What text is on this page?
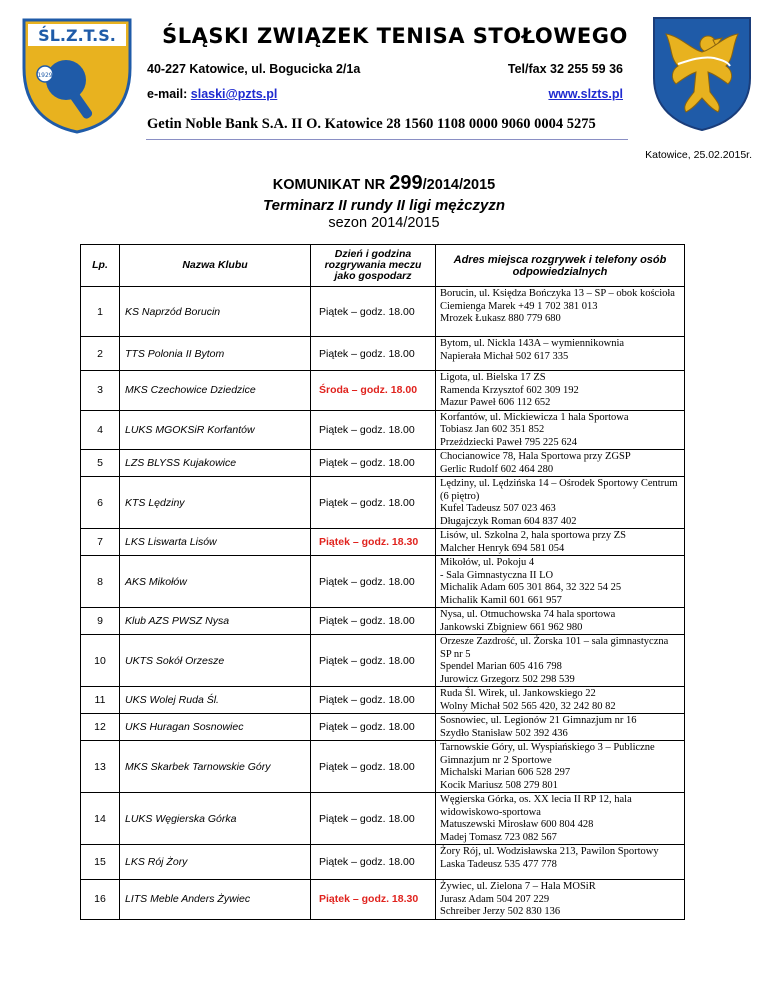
ŚL.Z.T.S.
1929
ŚLĄSKI ZWIĄZEK TENISA STOŁOWEGO
40-227 Katowice, ul. Bogucicka 2/1a	Tel/fax 32 255 59 36
e-mail: slaski@pzts.pl	www.slzts.pl
Getin Noble Bank S.A. II O. Katowice 28 1560 1108 0000 9060 0004 5275
Katowice, 25.02.2015r.
KOMUNIKAT NR 299/2014/2015
Terminarz II rundy II ligi mężczyzn
sezon 2014/2015
Lp.	Nazwa Klubu	Dzień i godzina rozgrywania meczu jako gospodarz	Adres miejsca rozgrywek i telefony osób odpowiedzialnych
1	KS Naprzód Borucin	Piątek – godz. 18.00	Borucin, ul. Księdza Bończyka 13 – SP – obok kościoła
Ciemienga Marek +49 1 702 381 013
Mrozek Łukasz 880 779 680
2	TTS Polonia II Bytom	Piątek – godz. 18.00	Bytom, ul. Nickla 143A – wymiennikownia
Napierała Michał 502 617 335
3	MKS Czechowice Dziedzice	Środa – godz. 18.00	Ligota, ul. Bielska 17 ZS
Ramenda Krzysztof 602 309 192
Mazur Paweł 606 112 652
4	LUKS MGOKSiR Korfantów	Piątek – godz. 18.00	Korfantów, ul. Mickiewicza 1 hala Sportowa
Tobiasz Jan 602 351 852
Przeździecki Paweł 795 225 624
5	LZS BLYSS Kujakowice	Piątek – godz. 18.00	Chocianowice 78, Hala Sportowa przy ZGSP
Gerlic Rudolf 602 464 280
6	KTS Lędziny	Piątek – godz. 18.00	Lędziny, ul. Lędzińska 14 – Ośrodek Sportowy Centrum (6 piętro)
Kufel Tadeusz 507 023 463
Długajczyk Roman 604 837 402
7	LKS Liswarta Lisów	Piątek – godz. 18.30	Lisów, ul. Szkolna 2, hala sportowa przy ZS
Malcher Henryk 694 581 054
8	AKS Mikołów	Piątek – godz. 18.00	Mikołów, ul. Pokoju 4
- Sala Gimnastyczna II LO
Michalik Adam 605 301 864, 32 322 54 25
Michalik Kamil 601 661 957
9	Klub AZS PWSZ Nysa	Piątek – godz. 18.00	Nysa, ul. Otmuchowska 74 hala sportowa
Jankowski Zbigniew 661 962 980
10	UKTS Sokół Orzesze	Piątek – godz. 18.00	Orzesze Zazdrość, ul. Żorska 101 – sala gimnastyczna SP nr 5
Spendel Marian 605 416 798
Jurowicz Grzegorz 502 298 539
11	UKS Wolej Ruda Śl.	Piątek – godz. 18.00	Ruda Śl. Wirek, ul. Jankowskiego 22
Wolny Michał 502 565 420, 32 242 80 82
12	UKS Huragan Sosnowiec	Piątek – godz. 18.00	Sosnowiec, ul. Legionów 21 Gimnazjum nr 16
Szydło Stanisław 502 392 436
13	MKS Skarbek Tarnowskie Góry	Piątek – godz. 18.00	Tarnowskie Góry, ul. Wyspiańskiego 3 – Publiczne Gimnazjum nr 2 Sportowe
Michalski Marian 606 528 297
Kocik Mariusz 508 279 801
14	LUKS Węgierska Górka	Piątek – godz. 18.00	Węgierska Górka, os. XX lecia II RP 12, hala widowiskowo-sportowa
Matuszewski Mirosław 600 804 428
Madej Tomasz 723 082 567
15	LKS Rój Żory	Piątek – godz. 18.00	Żory Rój, ul. Wodzisławska 213, Pawilon Sportowy
Laska Tadeusz 535 477 778
16	LITS Meble Anders Żywiec	Piątek – godz. 18.30	Żywiec, ul. Zielona 7 – Hala MOSiR
Jurasz Adam 504 207 229
Schreiber Jerzy 502 830 136
